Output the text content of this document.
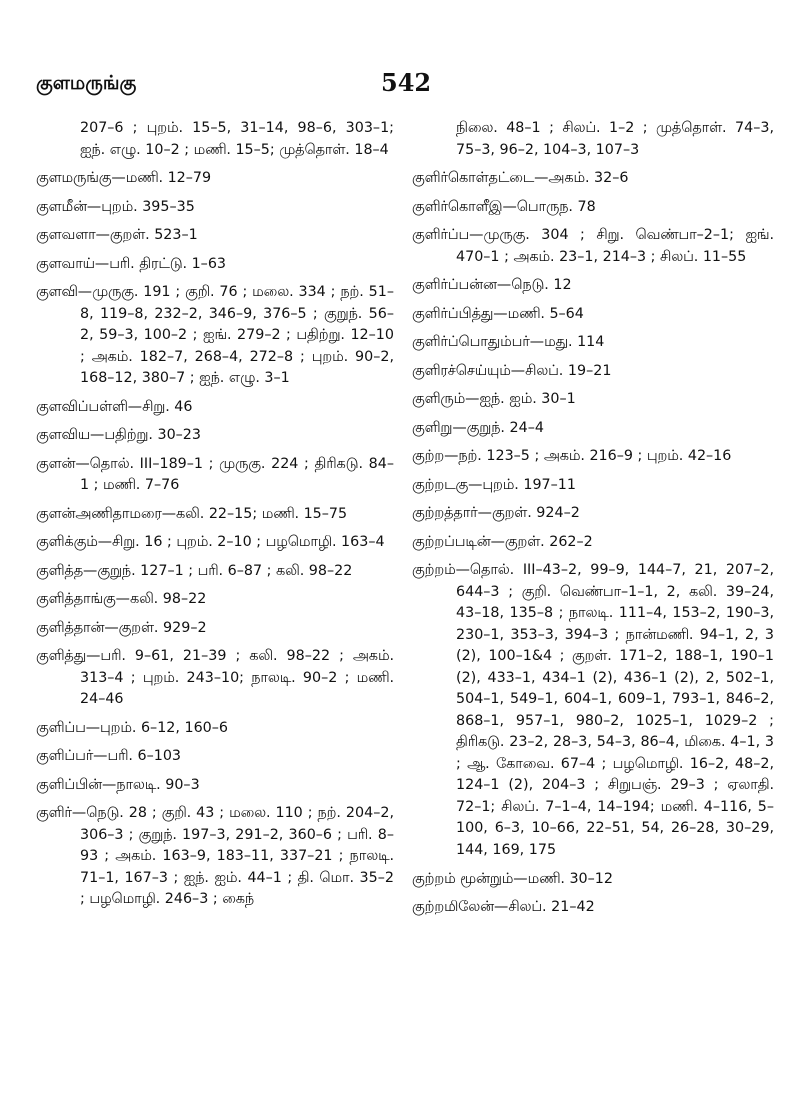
குளமருங்கு	542

207–6 ; புறம். 15–5, 31–14, 98–6, 303–1; ஐந். எழு. 10–2 ; மணி. 15–5; முத்தொள். 18–4

குளமருங்கு—மணி. 12–79

குளமீன்—புறம். 395–35

குளவளா—குறள். 523–1

குளவாய்—பரி. திரட்டு. 1–63

குளவி—முருகு. 191 ; குறி. 76 ; மலை. 334 ; நற். 51–8, 119–8, 232–2, 346–9, 376–5 ; குறுந். 56–2, 59–3, 100–2 ; ஐங். 279–2 ; பதிற்று. 12–10 ; அகம். 182–7, 268–4, 272–8 ; புறம். 90–2, 168–12, 380–7 ; ஐந். எழு. 3–1

குளவிப்பள்ளி—சிறு. 46

குளவிய—பதிற்று. 30–23

குளன்—தொல். III–189–1 ; முருகு. 224 ; திரிகடு. 84–1 ; மணி. 7–76

குளன்அணிதாமரை—கலி. 22–15; மணி. 15–75

குளிக்கும்—சிறு. 16 ; புறம். 2–10 ; பழமொழி. 163–4

குளித்த—குறுந். 127–1 ; பரி. 6–87 ; கலி. 98–22

குளித்தாங்கு—கலி. 98–22

குளித்தான்—குறள். 929–2

குளித்து—பரி. 9–61, 21–39 ; கலி. 98–22 ; அகம். 313–4 ; புறம். 243–10; நாலடி. 90–2 ; மணி. 24–46

குளிப்ப—புறம். 6–12, 160–6

குளிப்பர்—பரி. 6–103

குளிப்பின்—நாலடி. 90–3

குளிர்—நெடு. 28 ; குறி. 43 ; மலை. 110 ; நற். 204–2, 306–3 ; குறுந். 197–3, 291–2, 360–6 ; பரி. 8–93 ; அகம். 163–9, 183–11, 337–21 ; நாலடி. 71–1, 167–3 ; ஐந். ஐம். 44–1 ; தி. மொ. 35–2 ; பழமொழி. 246–3 ; கைந்

நிலை. 48–1 ; சிலப். 1–2 ; முத்தொள். 74–3, 75–3, 96–2, 104–3, 107–3

குளிர்கொள்தட்டை—அகம். 32–6

குளிர்கொளீஇ—பொருந. 78

குளிர்ப்ப—முருகு. 304 ; சிறு. வெண்பா–2–1; ஐங். 470–1 ; அகம். 23–1, 214–3 ; சிலப். 11–55

குளிர்ப்பன்ன—நெடு. 12

குளிர்ப்பித்து—மணி. 5–64

குளிர்ப்பொதும்பர்—மது. 114

குளிரச்செய்யும்—சிலப். 19–21

குளிரும்—ஐந். ஐம். 30–1

குளிறு—குறுந். 24–4

குற்ற—நற். 123–5 ; அகம். 216–9 ; புறம். 42–16

குற்றடகு—புறம். 197–11

குற்றத்தார்—குறள். 924–2

குற்றப்படின்—குறள். 262–2

குற்றம்—தொல். III–43–2, 99–9, 144–7, 21, 207–2, 644–3 ; குறி. வெண்பா–1–1, 2, கலி. 39–24, 43–18, 135–8 ; நாலடி. 111–4, 153–2, 190–3, 230–1, 353–3, 394–3 ; நான்மணி. 94–1, 2, 3 (2), 100–1&4 ; குறள். 171–2, 188–1, 190–1 (2), 433–1, 434–1 (2), 436–1 (2), 2, 502–1, 504–1, 549–1, 604–1, 609–1, 793–1, 846–2, 868–1, 957–1, 980–2, 1025–1, 1029–2 ; திரிகடு. 23–2, 28–3, 54–3, 86–4, மிகை. 4–1, 3 ; ஆ. கோவை. 67–4 ; பழமொழி. 16–2, 48–2, 124–1 (2), 204–3 ; சிறுபஞ். 29–3 ; ஏலாதி. 72–1; சிலப். 7–1–4, 14–194; மணி. 4–116, 5–100, 6–3, 10–66, 22–51, 54, 26–28, 30–29, 144, 169, 175

குற்றம் மூன்றும்—மணி. 30–12

குற்றமிலேன்—சிலப். 21–42
